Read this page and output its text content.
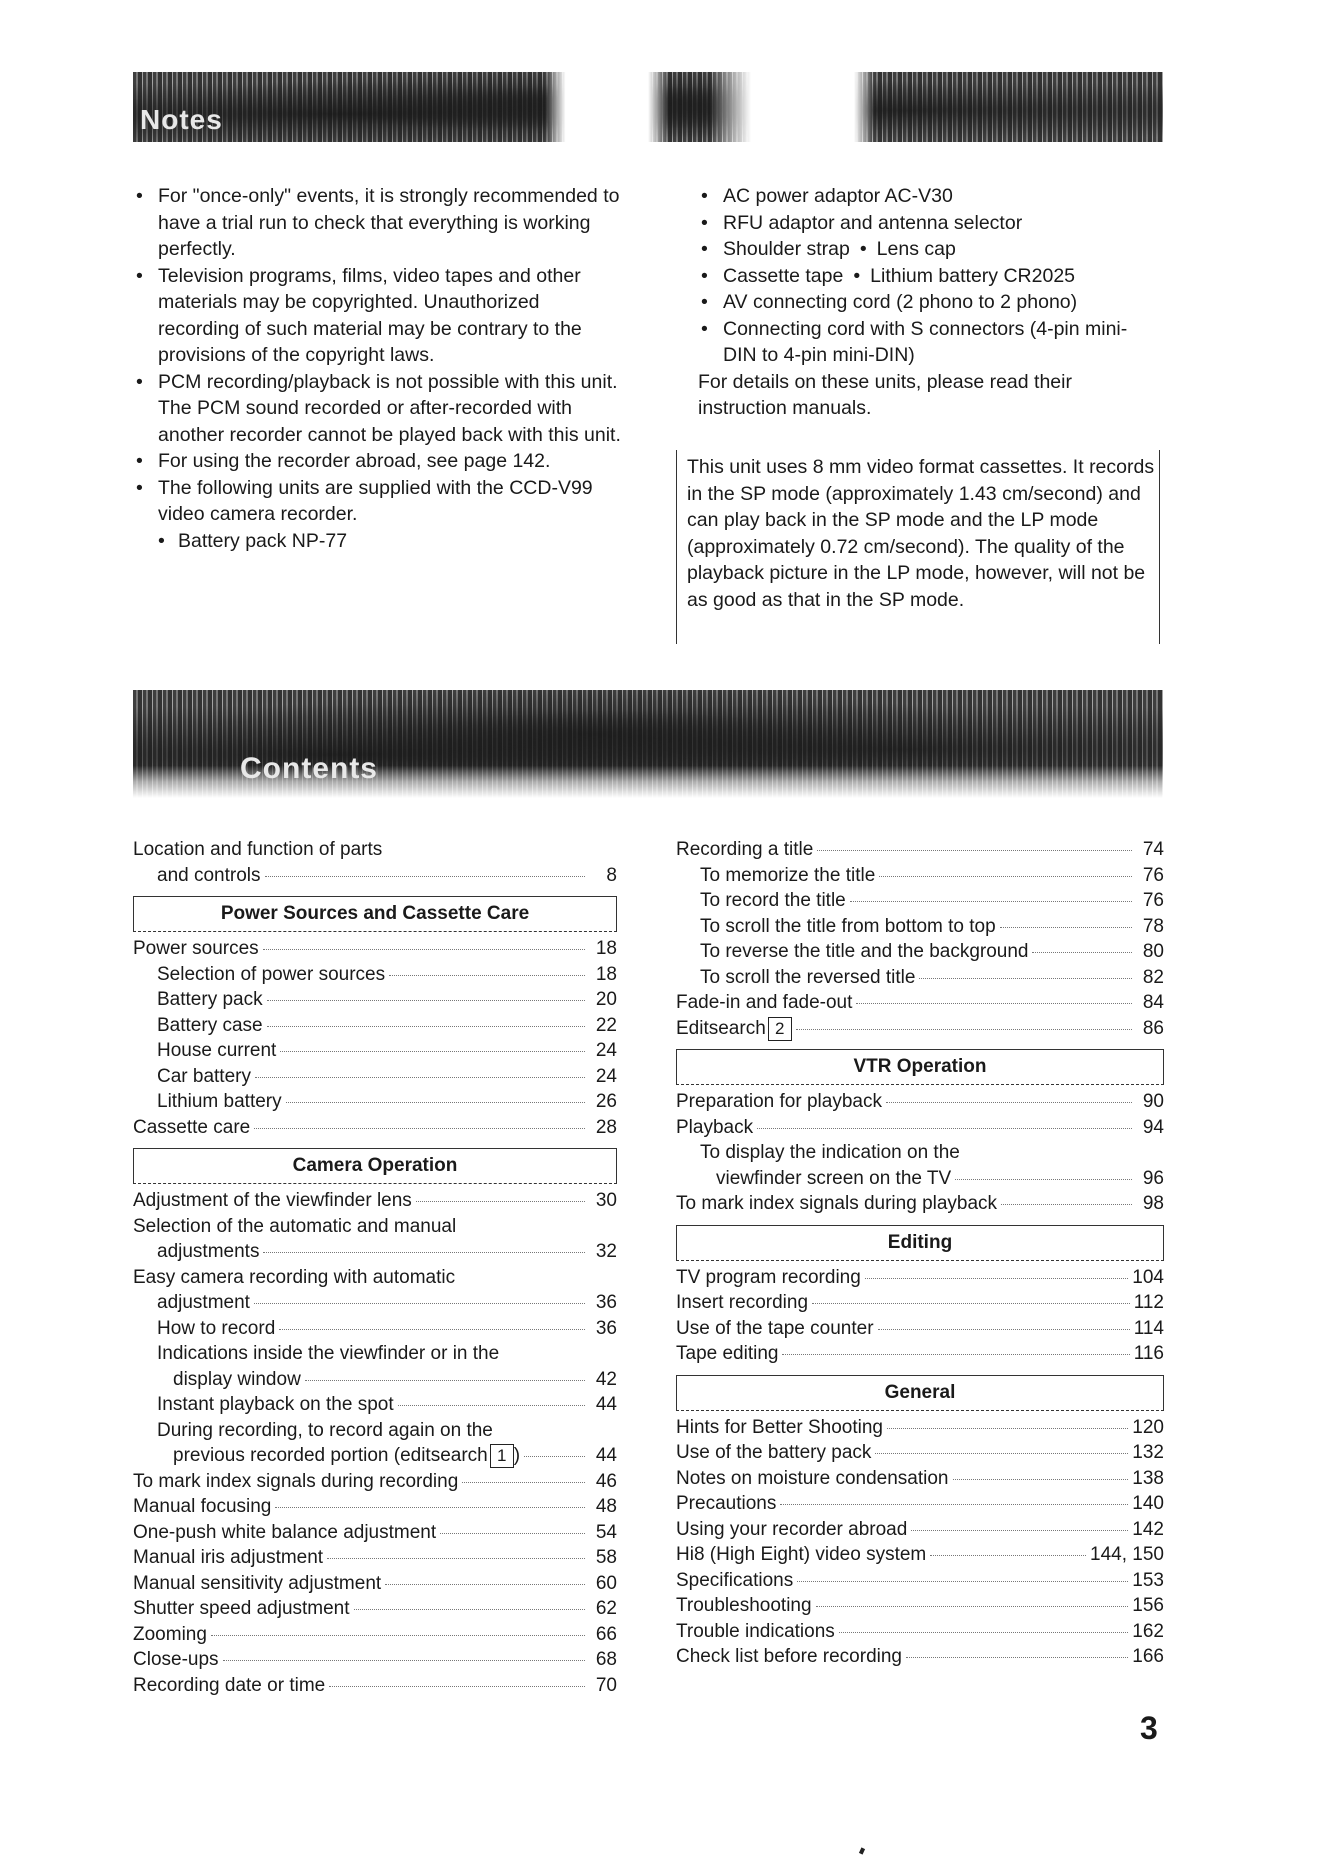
Notes
• For "once-only" events, it is strongly recommended to have a trial run to check that everything is working perfectly.
• Television programs, films, video tapes and other materials may be copyrighted. Unauthorized recording of such material may be contrary to the provisions of the copyright laws.
• PCM recording/playback is not possible with this unit. The PCM sound recorded or after-recorded with another recorder cannot be played back with this unit.
• For using the recorder abroad, see page 142.
• The following units are supplied with the CCD-V99 video camera recorder.
• Battery pack NP-77
• AC power adaptor AC-V30
• RFU adaptor and antenna selector
• Shoulder strap • Lens cap
• Cassette tape • Lithium battery CR2025
• AV connecting cord (2 phono to 2 phono)
• Connecting cord with S connectors (4-pin mini-DIN to 4-pin mini-DIN)
For details on these units, please read their instruction manuals.
This unit uses 8 mm video format cassettes. It records in the SP mode (approximately 1.43 cm/second) and can play back in the SP mode and the LP mode (approximately 0.72 cm/second). The quality of the playback picture in the LP mode, however, will not be as good as that in the SP mode.
Contents
Location and function of parts
and controls	8
Power Sources and Cassette Care
Power sources	18
Selection of power sources	18
Battery pack	20
Battery case	22
House current	24
Car battery	24
Lithium battery	26
Cassette care	28
Camera Operation
Adjustment of the viewfinder lens	30
Selection of the automatic and manual
adjustments	32
Easy camera recording with automatic
adjustment	36
How to record	36
Indications inside the viewfinder or in the
display window	42
Instant playback on the spot	44
During recording, to record again on the
previous recorded portion (editsearch 1 )	44
To mark index signals during recording	46
Manual focusing	48
One-push white balance adjustment	54
Manual iris adjustment	58
Manual sensitivity adjustment	60
Shutter speed adjustment	62
Zooming	66
Close-ups	68
Recording date or time	70
Recording a title	74
To memorize the title	76
To record the title	76
To scroll the title from bottom to top	78
To reverse the title and the background	80
To scroll the reversed title	82
Fade-in and fade-out	84
Editsearch 2	86
VTR Operation
Preparation for playback	90
Playback	94
To display the indication on the
viewfinder screen on the TV	96
To mark index signals during playback	98
Editing
TV program recording	104
Insert recording	112
Use of the tape counter	114
Tape editing	116
General
Hints for Better Shooting	120
Use of the battery pack	132
Notes on moisture condensation	138
Precautions	140
Using your recorder abroad	142
Hi8 (High Eight) video system	144, 150
Specifications	153
Troubleshooting	156
Trouble indications	162
Check list before recording	166
3
